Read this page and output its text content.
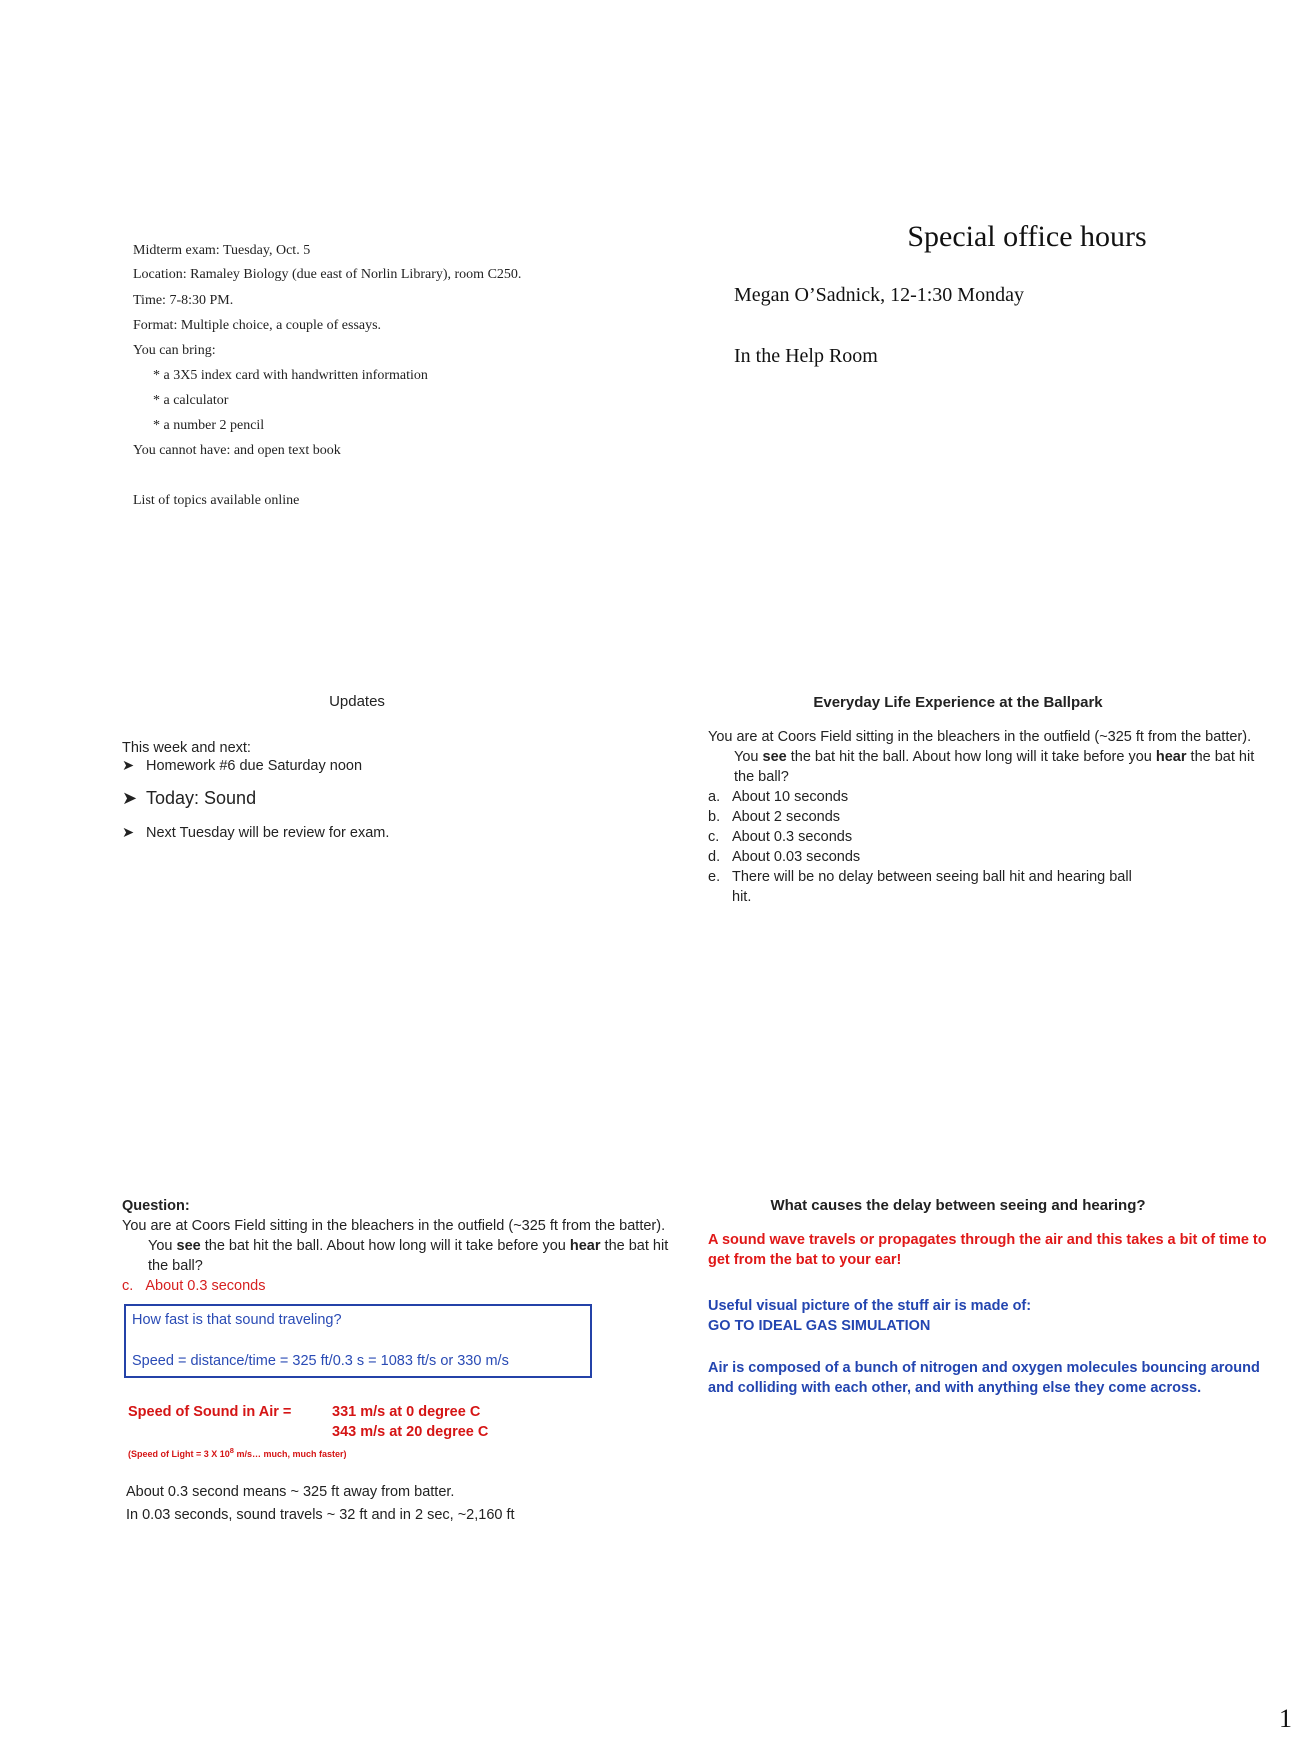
Midterm exam: Tuesday, Oct. 5
Location: Ramaley Biology (due east of Norlin Library), room C250.
Time: 7-8:30 PM.
Format: Multiple choice, a couple of essays.
You can bring:
* a 3X5 index card with handwritten information
* a calculator
* a number 2 pencil
You cannot have: and open text book
List of topics available online
Special office hours
Megan O’Sadnick, 12-1:30 Monday
In the Help Room
Updates
This week and next:
➤ Homework #6 due Saturday noon
➤ Today: Sound
➤ Next Tuesday will be review for exam.
Everyday Life Experience at the Ballpark
You are at Coors Field sitting in the bleachers in the outfield (~325 ft from the batter). You see the bat hit the ball. About how long will it take before you hear the bat hit the ball?
a. About 10 seconds
b. About 2 seconds
c. About 0.3 seconds
d. About 0.03 seconds
e. There will be no delay between seeing ball hit and hearing ball hit.
Question:
You are at Coors Field sitting in the bleachers in the outfield (~325 ft from the batter). You see the bat hit the ball. About how long will it take before you hear the bat hit the ball?
c. About 0.3 seconds
How fast is that sound traveling?
Speed = distance/time = 325 ft/0.3 s = 1083 ft/s or 330 m/s
Speed of Sound in Air =	331 m/s at 0 degree C
343 m/s at 20 degree C
(Speed of Light = 3 X $10^8$ m/s… much, much faster)
About 0.3 second means ~ 325 ft away from batter.
In 0.03 seconds, sound travels ~ 32 ft and in 2 sec, ~2,160 ft
What causes the delay between seeing and hearing?
A sound wave travels or propagates through the air and this takes a bit of time to get from the bat to your ear!
Useful visual picture of the stuff air is made of:
GO TO IDEAL GAS SIMULATION
Air is composed of a bunch of nitrogen and oxygen molecules bouncing around and colliding with each other, and with anything else they come across.
1
